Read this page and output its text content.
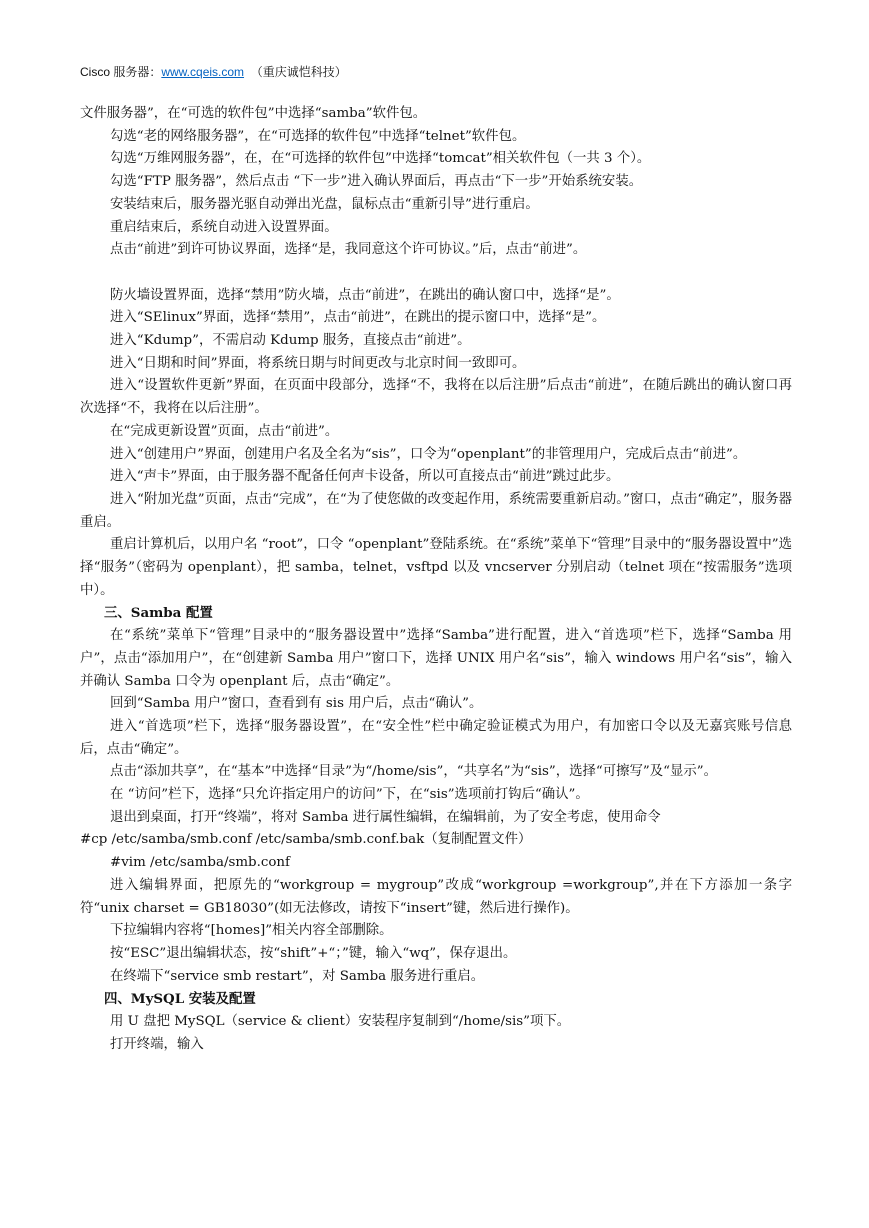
Cisco 服务器：www.cqeis.com （重庆诚恺科技）

文件服务器”，在“可选的软件包”中选择“samba”软件包。

勾选“老的网络服务器”，在“可选择的软件包”中选择“telnet”软件包。

勾选“万维网服务器”，在，在“可选择的软件包”中选择“tomcat”相关软件包（一共 3 个）。

勾选“FTP 服务器”，然后点击 “下一步”进入确认界面后，再点击“下一步”开始系统安装。

安装结束后，服务器光驱自动弹出光盘，鼠标点击“重新引导”进行重启。

重启结束后，系统自动进入设置界面。

点击“前进”到许可协议界面，选择“是，我同意这个许可协议。”后，点击“前进”。

防火墙设置界面，选择“禁用”防火墙，点击“前进”，在跳出的确认窗口中，选择“是”。

进入“SElinux”界面，选择“禁用”，点击“前进”，在跳出的提示窗口中，选择“是”。

进入“Kdump”，不需启动 Kdump 服务，直接点击“前进”。

进入“日期和时间”界面，将系统日期与时间更改与北京时间一致即可。

进入“设置软件更新”界面，在页面中段部分，选择“不，我将在以后注册”后点击“前进”，在随后跳出的确认窗口再次选择“不，我将在以后注册”。

在“完成更新设置”页面，点击“前进”。

进入“创建用户”界面，创建用户名及全名为“sis”，口令为“openplant”的非管理用户，完成后点击“前进”。

进入“声卡”界面，由于服务器不配备任何声卡设备，所以可直接点击“前进”跳过此步。

进入“附加光盘”页面，点击“完成”，在“为了使您做的改变起作用，系统需要重新启动。”窗口，点击“确定”，服务器重启。

重启计算机后，以用户名 “root”，口令 “openplant”登陆系统。在“系统”菜单下“管理”目录中的“服务器设置中”选择“服务”（密码为 openplant），把 samba，telnet，vsftpd 以及 vncserver 分别启动（telnet 项在“按需服务”选项中）。

三、Samba 配置

在“系统”菜单下“管理”目录中的“服务器设置中”选择“Samba”进行配置，进入“首选项”栏下，选择“Samba 用户”，点击“添加用户”，在“创建新 Samba 用户”窗口下，选择 UNIX 用户名“sis”，输入 windows 用户名“sis”，输入并确认 Samba 口令为 openplant 后，点击“确定”。

回到“Samba 用户”窗口，查看到有 sis 用户后，点击“确认”。

进入“首选项”栏下，选择“服务器设置”，在“安全性”栏中确定验证模式为用户，有加密口令以及无嘉宾账号信息后，点击“确定”。

点击“添加共享”，在“基本”中选择“目录”为“/home/sis”，“共享名”为“sis”，选择“可擦写”及“显示”。

在 “访问”栏下，选择“只允许指定用户的访问”下，在“sis”选项前打钩后“确认”。

退出到桌面，打开“终端”，将对 Samba 进行属性编辑，在编辑前，为了安全考虑，使用命令

#cp /etc/samba/smb.conf /etc/samba/smb.conf.bak（复制配置文件）

#vim /etc/samba/smb.conf

进入编辑界面，把原先的“workgroup = mygroup”改成“workgroup =workgroup”,并在下方添加一条字符“unix charset = GB18030”(如无法修改，请按下“insert”键，然后进行操作)。

下拉编辑内容将“[homes]”相关内容全部删除。

按“ESC”退出编辑状态，按“shift”+“；”键，输入“wq”，保存退出。

在终端下“service smb restart”，对 Samba 服务进行重启。

四、MySQL 安装及配置

用 U 盘把 MySQL（service & client）安装程序复制到“/home/sis”项下。

打开终端，输入
